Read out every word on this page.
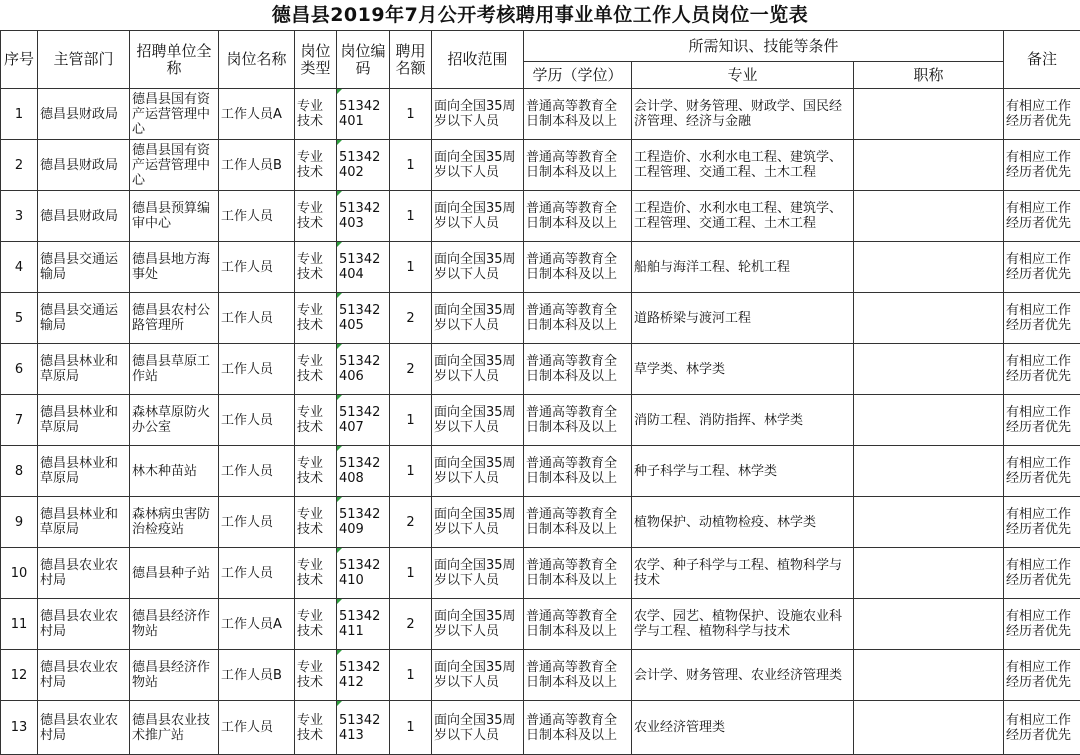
德昌县2019年7月公开考核聘用事业单位工作人员岗位一览表
序号	主管部门	招聘单位全称	岗位名称	岗位类型	岗位编码	聘用名额	招收范围	所需知识、技能等条件			备注
								学历（学位）	专业	职称	
1	德昌县财政局	德昌县国有资产运营管理中心	工作人员A	专业技术	51342401	1	面向全国35周岁以下人员	普通高等教育全日制本科及以上	会计学、财务管理、财政学、国民经济管理、经济与金融		有相应工作经历者优先
2	德昌县财政局	德昌县国有资产运营管理中心	工作人员B	专业技术	51342402	1	面向全国35周岁以下人员	普通高等教育全日制本科及以上	工程造价、水利水电工程、建筑学、工程管理、交通工程、土木工程		有相应工作经历者优先
3	德昌县财政局	德昌县预算编审中心	工作人员	专业技术	51342403	1	面向全国35周岁以下人员	普通高等教育全日制本科及以上	工程造价、水利水电工程、建筑学、工程管理、交通工程、土木工程		有相应工作经历者优先
4	德昌县交通运输局	德昌县地方海事处	工作人员	专业技术	51342404	1	面向全国35周岁以下人员	普通高等教育全日制本科及以上	船舶与海洋工程、轮机工程		有相应工作经历者优先
5	德昌县交通运输局	德昌县农村公路管理所	工作人员	专业技术	51342405	2	面向全国35周岁以下人员	普通高等教育全日制本科及以上	道路桥梁与渡河工程		有相应工作经历者优先
6	德昌县林业和草原局	德昌县草原工作站	工作人员	专业技术	51342406	2	面向全国35周岁以下人员	普通高等教育全日制本科及以上	草学类、林学类		有相应工作经历者优先
7	德昌县林业和草原局	森林草原防火办公室	工作人员	专业技术	51342407	1	面向全国35周岁以下人员	普通高等教育全日制本科及以上	消防工程、消防指挥、林学类		有相应工作经历者优先
8	德昌县林业和草原局	林木种苗站	工作人员	专业技术	51342408	1	面向全国35周岁以下人员	普通高等教育全日制本科及以上	种子科学与工程、林学类		有相应工作经历者优先
9	德昌县林业和草原局	森林病虫害防治检疫站	工作人员	专业技术	51342409	2	面向全国35周岁以下人员	普通高等教育全日制本科及以上	植物保护、动植物检疫、林学类		有相应工作经历者优先
10	德昌县农业农村局	德昌县种子站	工作人员	专业技术	51342410	1	面向全国35周岁以下人员	普通高等教育全日制本科及以上	农学、种子科学与工程、植物科学与技术		有相应工作经历者优先
11	德昌县农业农村局	德昌县经济作物站	工作人员A	专业技术	51342411	2	面向全国35周岁以下人员	普通高等教育全日制本科及以上	农学、园艺、植物保护、设施农业科学与工程、植物科学与技术		有相应工作经历者优先
12	德昌县农业农村局	德昌县经济作物站	工作人员B	专业技术	51342412	1	面向全国35周岁以下人员	普通高等教育全日制本科及以上	会计学、财务管理、农业经济管理类		有相应工作经历者优先
13	德昌县农业农村局	德昌县农业技术推广站	工作人员	专业技术	51342413	1	面向全国35周岁以下人员	普通高等教育全日制本科及以上	农业经济管理类		有相应工作经历者优先
